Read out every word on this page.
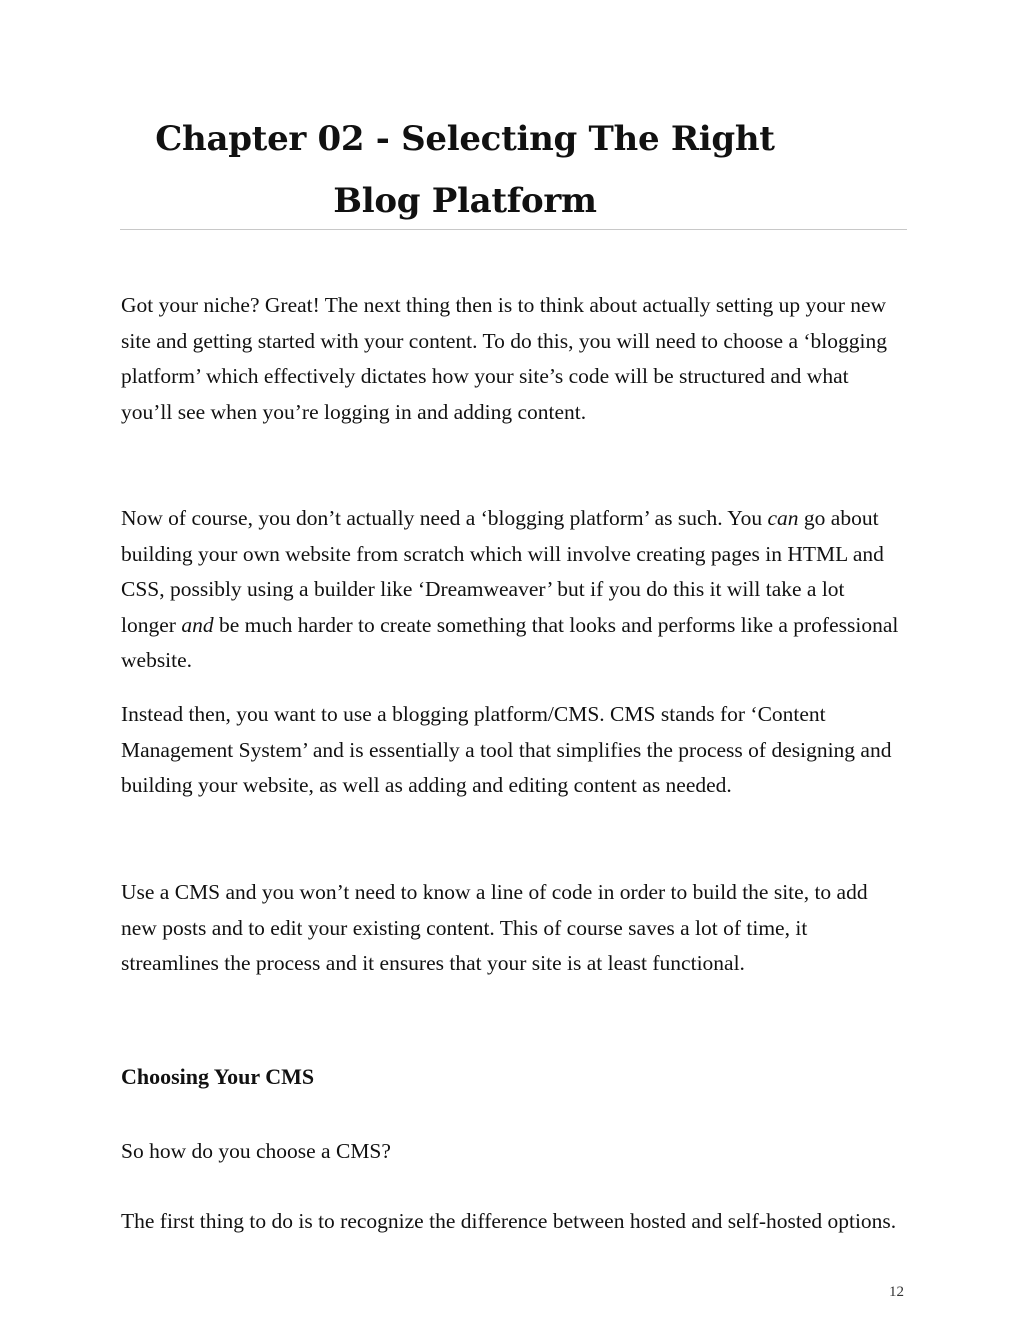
Chapter 02 - Selecting The Right
Blog Platform

Got your niche? Great! The next thing then is to think about actually setting up your new site and getting started with your content. To do this, you will need to choose a ‘blogging platform’ which effectively dictates how your site’s code will be structured and what you’ll see when you’re logging in and adding content.

Now of course, you don’t actually need a ‘blogging platform’ as such. You can go about building your own website from scratch which will involve creating pages in HTML and CSS, possibly using a builder like ‘Dreamweaver’ but if you do this it will take a lot longer and be much harder to create something that looks and performs like a professional website.

Instead then, you want to use a blogging platform/CMS. CMS stands for ‘Content Management System’ and is essentially a tool that simplifies the process of designing and building your website, as well as adding and editing content as needed.

Use a CMS and you won’t need to know a line of code in order to build the site, to add new posts and to edit your existing content. This of course saves a lot of time, it streamlines the process and it ensures that your site is at least functional.

Choosing Your CMS

So how do you choose a CMS?

The first thing to do is to recognize the difference between hosted and self-hosted options.

12
